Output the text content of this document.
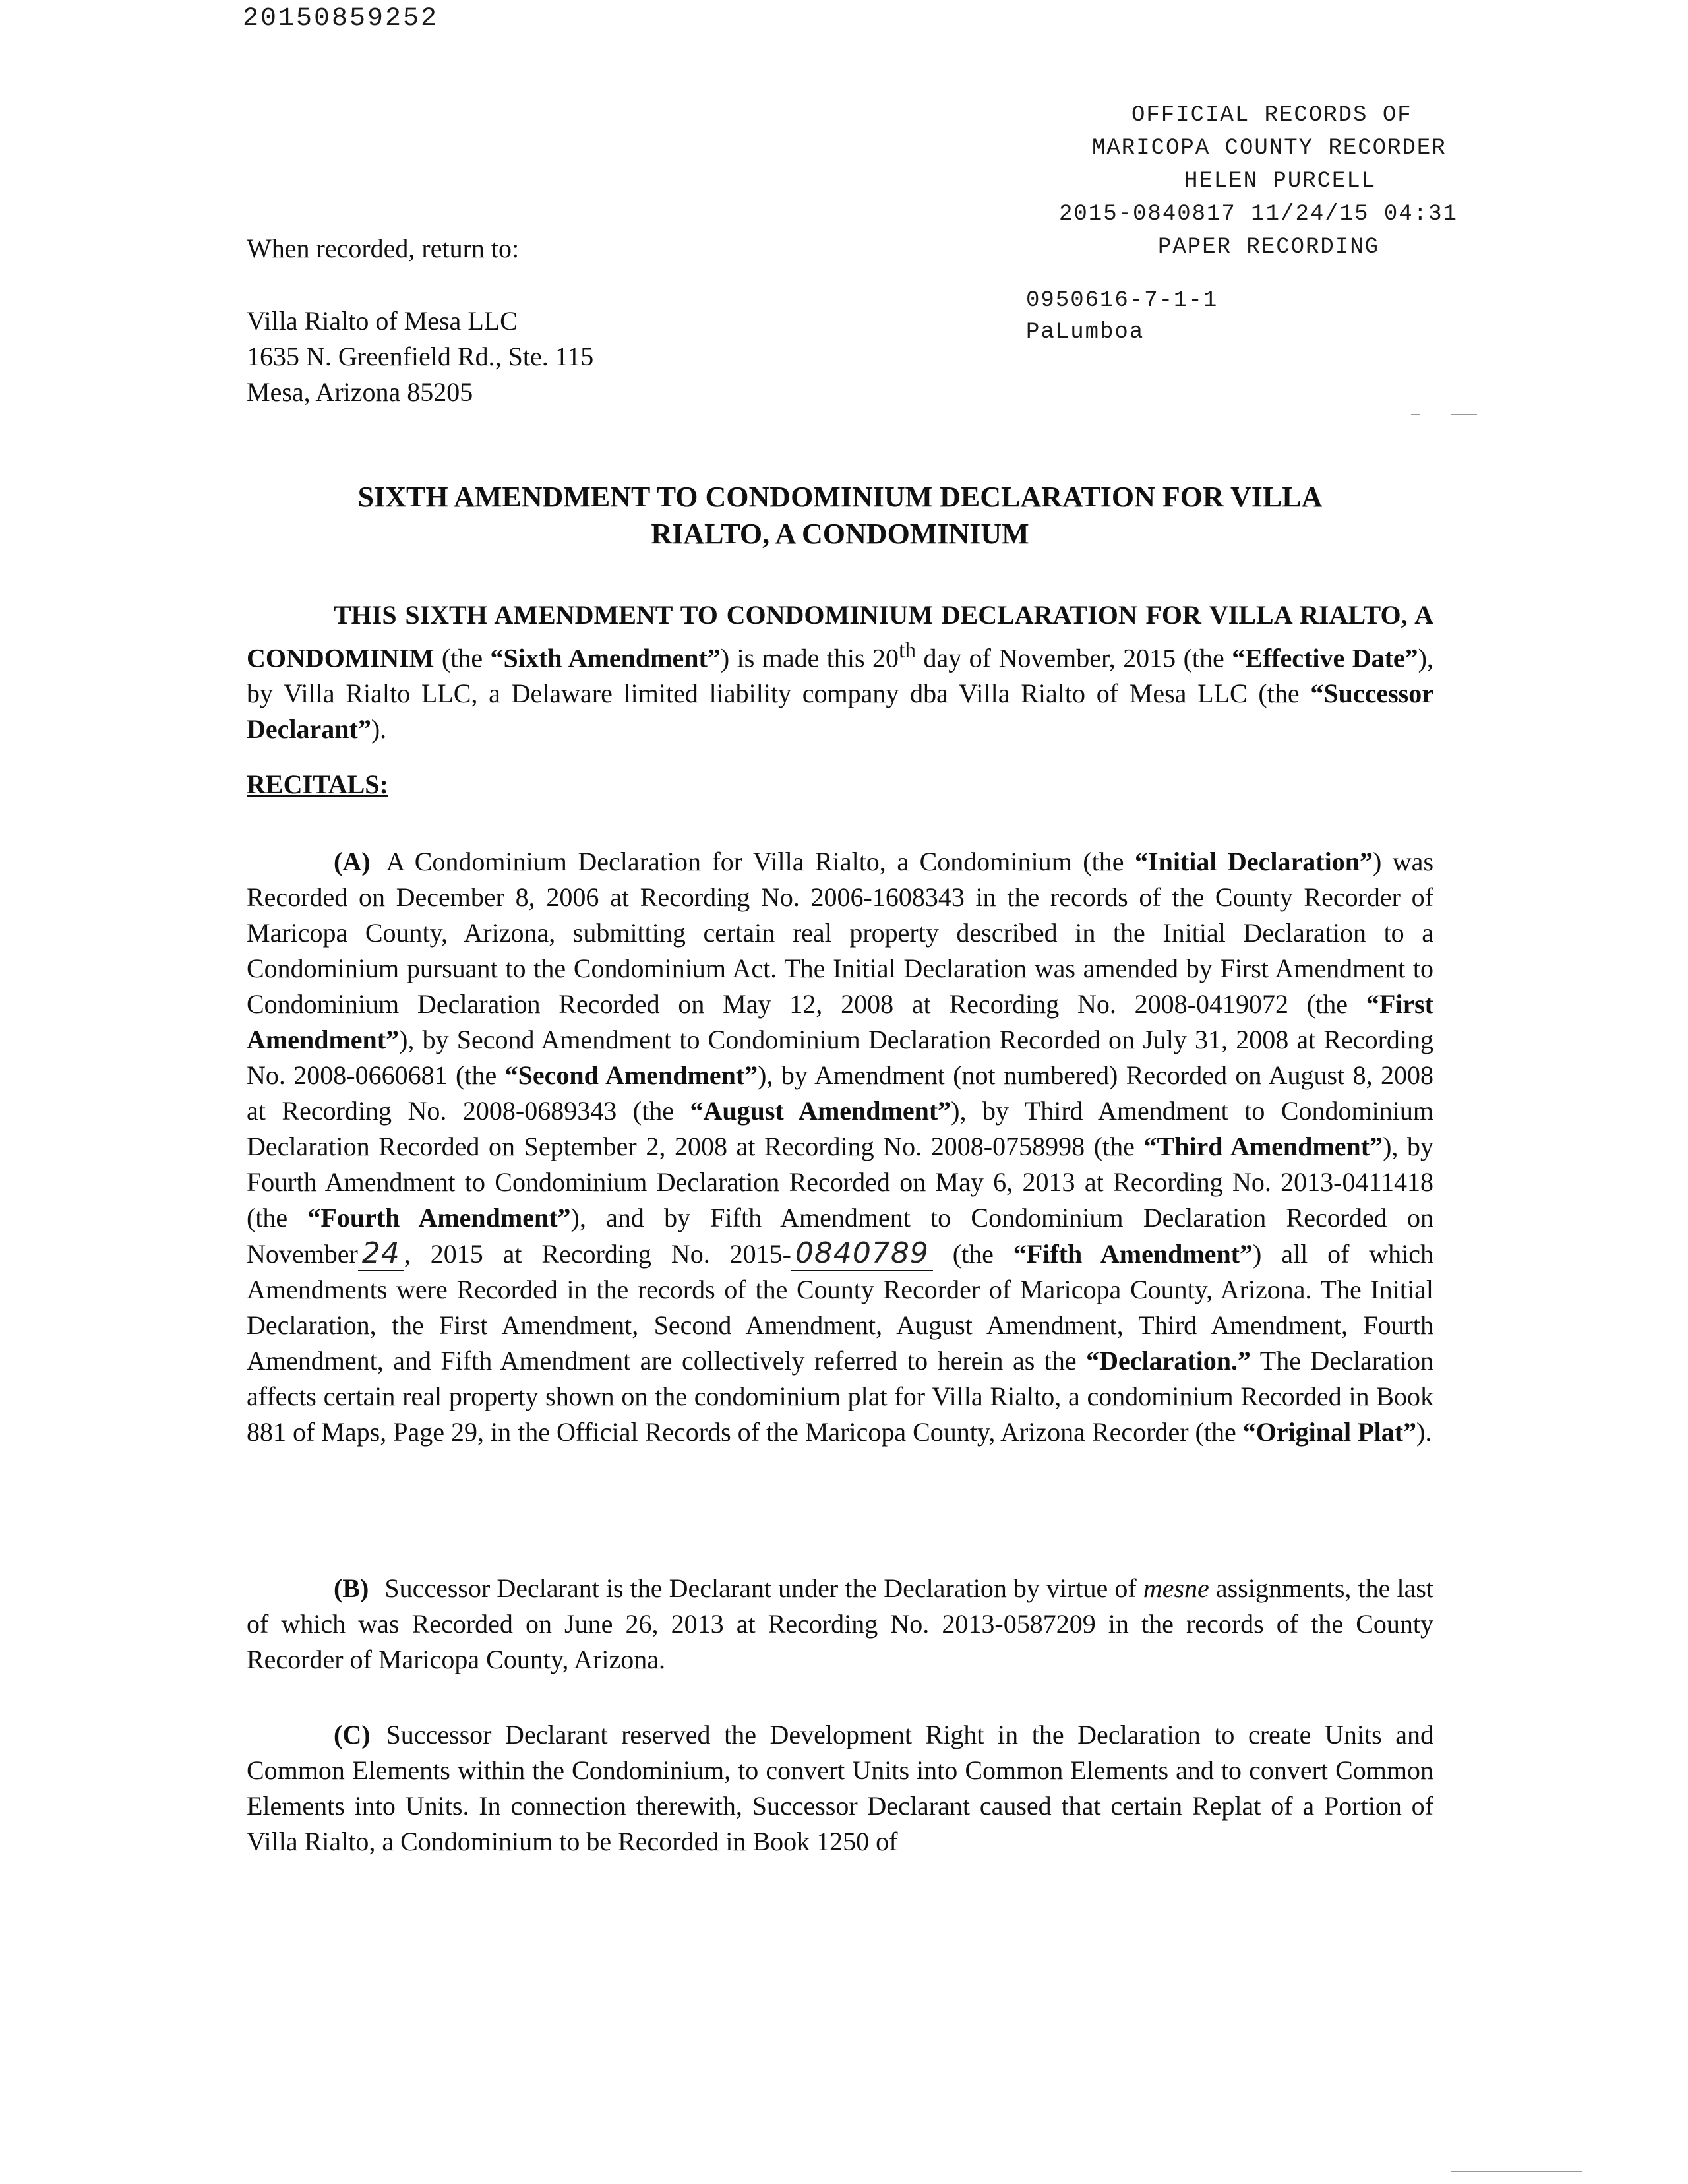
20150859252
OFFICIAL RECORDS OF
MARICOPA COUNTY RECORDER
HELEN PURCELL
2015-0840817 11/24/15 04:31
PAPER RECORDING
0950616-7-1-1
PaLumboa
When recorded, return to:
Villa Rialto of Mesa LLC
1635 N. Greenfield Rd., Ste. 115
Mesa, Arizona 85205
SIXTH AMENDMENT TO CONDOMINIUM DECLARATION FOR VILLA
RIALTO, A CONDOMINIUM

THIS SIXTH AMENDMENT TO CONDOMINIUM DECLARATION FOR VILLA RIALTO, A CONDOMINIM (the “Sixth Amendment”) is made this 20th day of November, 2015 (the “Effective Date”), by Villa Rialto LLC, a Delaware limited liability company dba Villa Rialto of Mesa LLC (the “Successor Declarant”).

RECITALS:

(A) A Condominium Declaration for Villa Rialto, a Condominium (the “Initial Declaration”) was Recorded on December 8, 2006 at Recording No. 2006-1608343 in the records of the County Recorder of Maricopa County, Arizona, submitting certain real property described in the Initial Declaration to a Condominium pursuant to the Condominium Act. The Initial Declaration was amended by First Amendment to Condominium Declaration Recorded on May 12, 2008 at Recording No. 2008-0419072 (the “First Amendment”), by Second Amendment to Condominium Declaration Recorded on July 31, 2008 at Recording No. 2008-0660681 (the “Second Amendment”), by Amendment (not numbered) Recorded on August 8, 2008 at Recording No. 2008-0689343 (the “August Amendment”), by Third Amendment to Condominium Declaration Recorded on September 2, 2008 at Recording No. 2008-0758998 (the “Third Amendment”), by Fourth Amendment to Condominium Declaration Recorded on May 6, 2013 at Recording No. 2013-0411418 (the “Fourth Amendment”), and by Fifth Amendment to Condominium Declaration Recorded on November 24 , 2015 at Recording No. 2015- 0840789 (the “Fifth Amendment”) all of which Amendments were Recorded in the records of the County Recorder of Maricopa County, Arizona. The Initial Declaration, the First Amendment, Second Amendment, August Amendment, Third Amendment, Fourth Amendment, and Fifth Amendment are collectively referred to herein as the “Declaration.” The Declaration affects certain real property shown on the condominium plat for Villa Rialto, a condominium Recorded in Book 881 of Maps, Page 29, in the Official Records of the Maricopa County, Arizona Recorder (the “Original Plat”).

(B) Successor Declarant is the Declarant under the Declaration by virtue of mesne assignments, the last of which was Recorded on June 26, 2013 at Recording No. 2013-0587209 in the records of the County Recorder of Maricopa County, Arizona.

(C) Successor Declarant reserved the Development Right in the Declaration to create Units and Common Elements within the Condominium, to convert Units into Common Elements and to convert Common Elements into Units. In connection therewith, Successor Declarant caused that certain Replat of a Portion of Villa Rialto, a Condominium to be Recorded in Book 1250 of
